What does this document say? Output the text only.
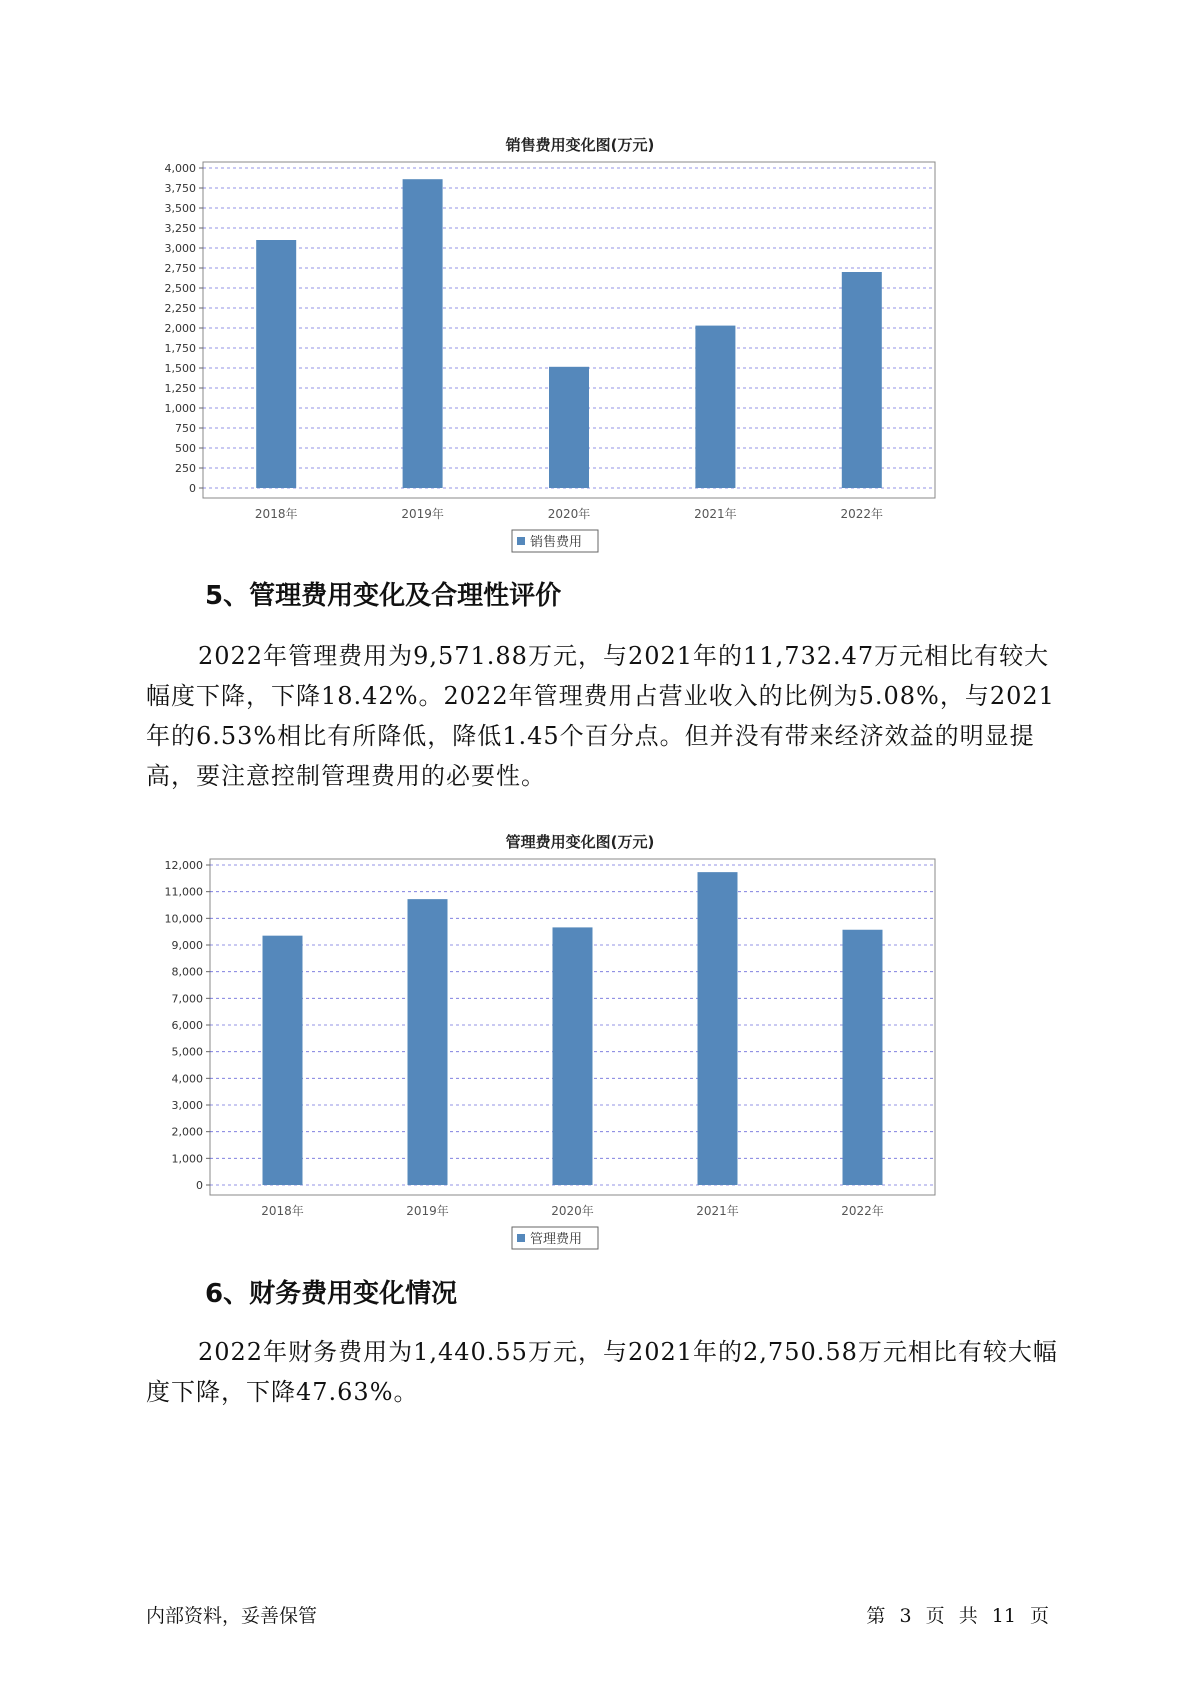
销售费用变化图(万元)
0
250
500
750
1,000
1,250
1,500
1,750
2,000
2,250
2,500
2,750
3,000
3,250
3,500
3,750
4,000
2018年	2019年	2020年	2021年	2022年
销售费用
5、管理费用变化及合理性评价

2022年管理费用为9,571.88万元，与2021年的11,732.47万元相比有较大幅度下降，下降18.42%。2022年管理费用占营业收入的比例为5.08%，与2021年的6.53%相比有所降低，降低1.45个百分点。但并没有带来经济效益的明显提高，要注意控制管理费用的必要性。

管理费用变化图(万元)
0
1,000
2,000
3,000
4,000
5,000
6,000
7,000
8,000
9,000
10,000
11,000
12,000
2018年	2019年	2020年	2021年	2022年
管理费用
6、财务费用变化情况

2022年财务费用为1,440.55万元，与2021年的2,750.58万元相比有较大幅度下降，下降47.63%。

内部资料，妥善保管	第 3 页 共 11 页
